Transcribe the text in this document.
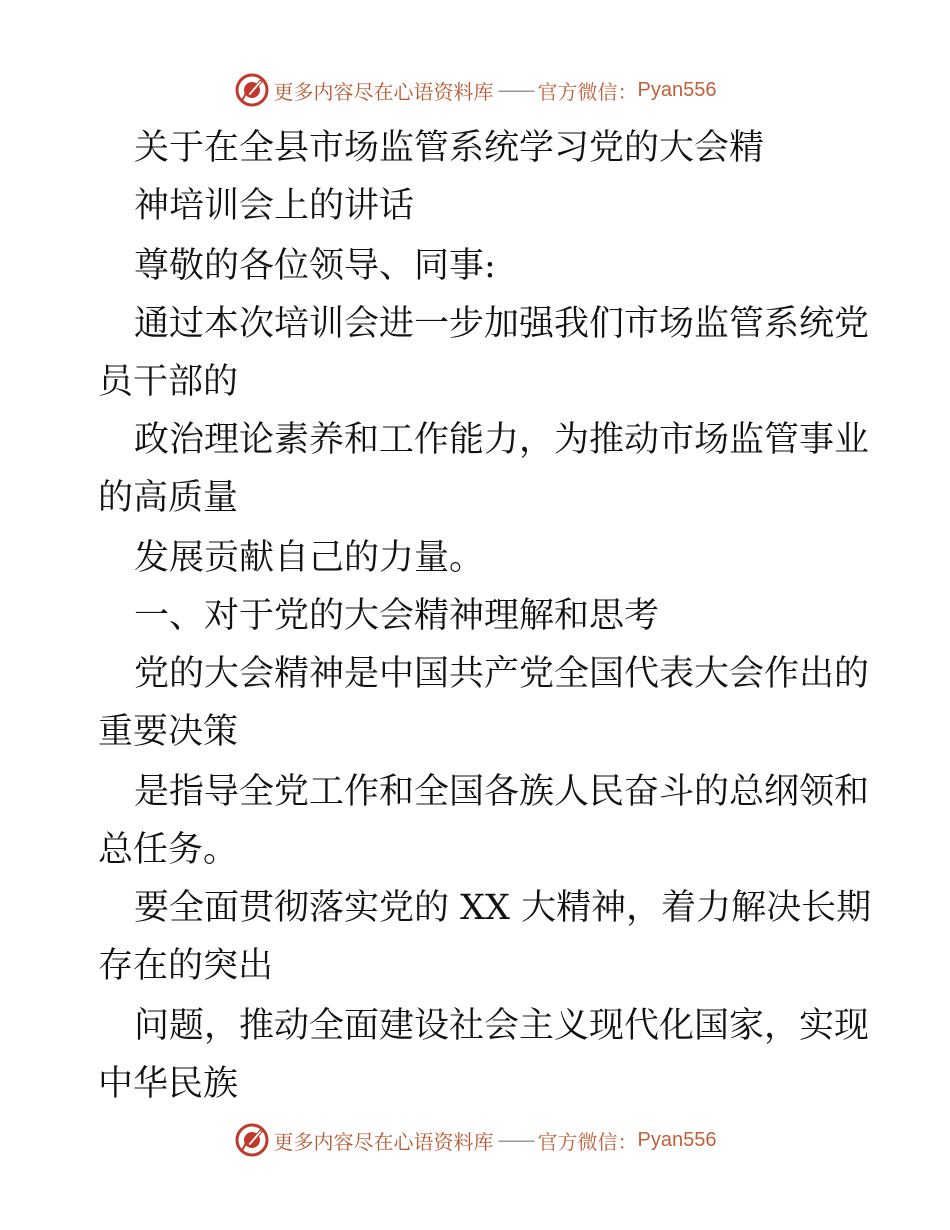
更多内容尽在心语资料库 —— 官方微信： Pyan556
关于在全县市场监管系统学习党的大会精
神培训会上的讲话
尊敬的各位领导、同事:
通过本次培训会进一步加强我们市场监管系统党
员干部的
政治理论素养和工作能力，为推动市场监管事业
的高质量
发展贡献自己的力量。
一、对于党的大会精神理解和思考
党的大会精神是中国共产党全国代表大会作出的
重要决策
是指导全党工作和全国各族人民奋斗的总纲领和
总任务。
要全面贯彻落实党的 XX 大精神，着力解决长期
存在的突出
问题，推动全面建设社会主义现代化国家，实现
中华民族
更多内容尽在心语资料库 —— 官方微信： Pyan556
